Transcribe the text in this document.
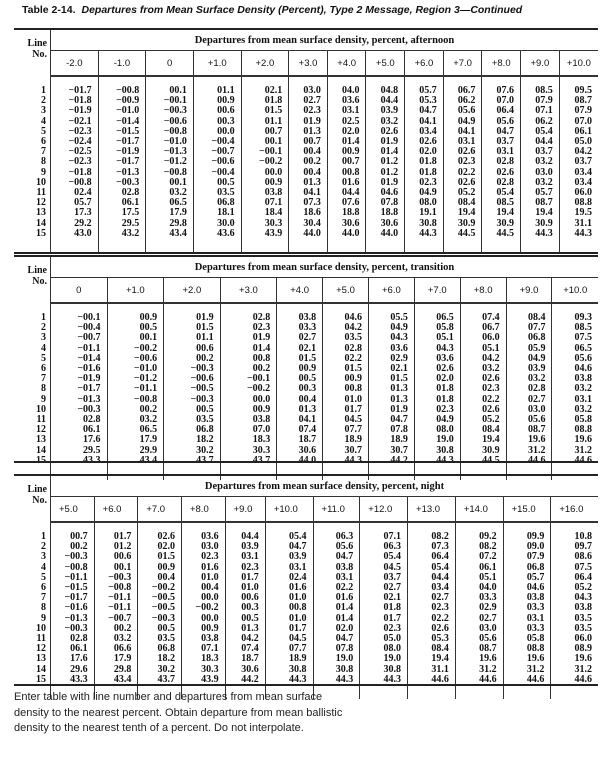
Table 2-14. Departures from Mean Surface Density (Percent), Type 2 Message, Region 3—Continued
Line
No.	Departures from mean surface density, percent, afternoon												
	-2.0	-1.0	0	+1.0	+2.0	+3.0	+4.0	+5.0	+6.0	+7.0	+8.0	+9.0	+10.0
1	−01.7	−00.8	00.1	01.1	02.1	03.0	04.0	04.8	05.7	06.7	07.6	08.5	09.5
2	−01.8	−00.9	−00.1	00.9	01.8	02.7	03.6	04.4	05.3	06.2	07.0	07.9	08.7
3	−01.9	−01.0	−00.3	00.6	01.5	02.3	03.1	03.9	04.7	05.6	06.4	07.1	07.9
4	−02.1	−01.4	−00.6	00.3	01.1	01.9	02.5	03.2	04.1	04.9	05.6	06.2	07.0
5	−02.3	−01.5	−00.8	00.0	00.7	01.3	02.0	02.6	03.4	04.1	04.7	05.4	06.1
6	−02.4	−01.7	−01.0	−00.4	00.1	00.7	01.4	01.9	02.6	03.1	03.7	04.4	05.0
7	−02.5	−01.9	−01.3	−00.7	−00.1	00.4	00.9	01.4	02.0	02.6	03.1	03.7	04.2
8	−02.3	−01.7	−01.2	−00.6	−00.2	00.2	00.7	01.2	01.8	02.3	02.8	03.2	03.7
9	−01.8	−01.3	−00.8	−00.4	00.0	00.4	00.8	01.2	01.8	02.2	02.6	03.0	03.4
10	−00.8	−00.3	00.1	00.5	00.9	01.3	01.6	01.9	02.3	02.6	02.8	03.2	03.4
11	02.4	02.8	03.2	03.5	03.8	04.1	04.4	04.6	04.9	05.2	05.4	05.7	06.0
12	05.7	06.1	06.5	06.8	07.1	07.3	07.6	07.8	08.0	08.4	08.5	08.7	08.8
13	17.3	17.5	17.9	18.1	18.4	18.6	18.8	18.8	19.1	19.4	19.4	19.4	19.5
14	29.2	29.5	29.8	30.0	30.3	30.4	30.6	30.6	30.8	30.9	30.9	30.9	31.1
15	43.0	43.2	43.4	43.6	43.9	44.0	44.0	44.0	44.3	44.5	44.5	44.3	44.3
Line
No.	Departures from mean surface density, percent, transition										
	0	+1.0	+2.0	+3.0	+4.0	+5.0	+6.0	+7.0	+8.0	+9.0	+10.0
1	−00.1	00.9	01.9	02.8	03.8	04.6	05.5	06.5	07.4	08.4	09.3
2	−00.4	00.5	01.5	02.3	03.3	04.2	04.9	05.8	06.7	07.7	08.5
3	−00.7	00.1	01.1	01.9	02.7	03.5	04.3	05.1	06.0	06.8	07.5
4	−01.1	−00.2	00.6	01.4	02.1	02.8	03.6	04.3	05.1	05.9	06.5
5	−01.4	−00.6	00.2	00.8	01.5	02.2	02.9	03.6	04.2	04.9	05.6
6	−01.6	−01.0	−00.3	00.2	00.9	01.5	02.1	02.6	03.2	03.9	04.6
7	−01.9	−01.2	−00.6	−00.1	00.5	00.9	01.5	02.0	02.6	03.2	03.8
8	−01.7	−01.1	−00.5	−00.2	00.3	00.8	01.3	01.8	02.3	02.8	03.2
9	−01.3	−00.8	−00.3	00.0	00.4	01.0	01.3	01.8	02.2	02.7	03.1
10	−00.3	00.2	00.5	00.9	01.3	01.7	01.9	02.3	02.6	03.0	03.2
11	02.8	03.2	03.5	03.8	04.1	04.5	04.7	04.9	05.2	05.6	05.8
12	06.1	06.5	06.8	07.0	07.4	07.7	07.8	08.0	08.4	08.7	08.8
13	17.6	17.9	18.2	18.3	18.7	18.9	18.9	19.0	19.4	19.6	19.6
14	29.5	29.9	30.2	30.3	30.6	30.7	30.7	30.8	30.9	31.2	31.2
15	43.3	43.4	43.7	43.7	44.0	44.3	44.2	44.3	44.5	44.6	44.6
Line
No.	Departures from mean surface density, percent, night											
	+5.0	+6.0	+7.0	+8.0	+9.0	+10.0	+11.0	+12.0	+13.0	+14.0	+15.0	+16.0
1	00.7	01.7	02.6	03.6	04.4	05.4	06.3	07.1	08.2	09.2	09.9	10.8
2	00.2	01.2	02.0	03.0	03.9	04.7	05.6	06.3	07.3	08.2	09.0	09.7
3	−00.3	00.6	01.5	02.3	03.1	03.9	04.7	05.4	06.4	07.2	07.9	08.6
4	−00.8	00.1	00.9	01.6	02.3	03.1	03.8	04.5	05.4	06.1	06.8	07.5
5	−01.1	−00.3	00.4	01.0	01.7	02.4	03.1	03.7	04.4	05.1	05.7	06.4
6	−01.5	−00.8	−00.2	00.4	01.0	01.6	02.2	02.7	03.4	04.0	04.6	05.2
7	−01.7	−01.1	−00.5	00.0	00.6	01.0	01.6	02.1	02.7	03.3	03.8	04.3
8	−01.6	−01.1	−00.5	−00.2	00.3	00.8	01.4	01.8	02.3	02.9	03.3	03.8
9	−01.3	−00.7	−00.3	00.0	00.5	01.0	01.4	01.7	02.2	02.7	03.1	03.5
10	−00.3	00.2	00.5	00.9	01.3	01.7	02.0	02.3	02.6	03.0	03.3	03.5
11	02.8	03.2	03.5	03.8	04.2	04.5	04.7	05.0	05.3	05.6	05.8	06.0
12	06.1	06.6	06.8	07.1	07.4	07.7	07.8	08.0	08.4	08.7	08.8	08.9
13	17.6	17.9	18.2	18.3	18.7	18.9	19.0	19.0	19.4	19.6	19.6	19.6
14	29.6	29.8	30.2	30.3	30.6	30.8	30.8	30.8	31.1	31.2	31.2	31.2
15	43.3	43.4	43.7	43.9	44.2	44.3	44.3	44.3	44.6	44.6	44.6	44.6
Enter table with line number and departures from mean surface density to the nearest percent. Obtain departure from mean ballistic density to the nearest tenth of a percent. Do not interpolate.
